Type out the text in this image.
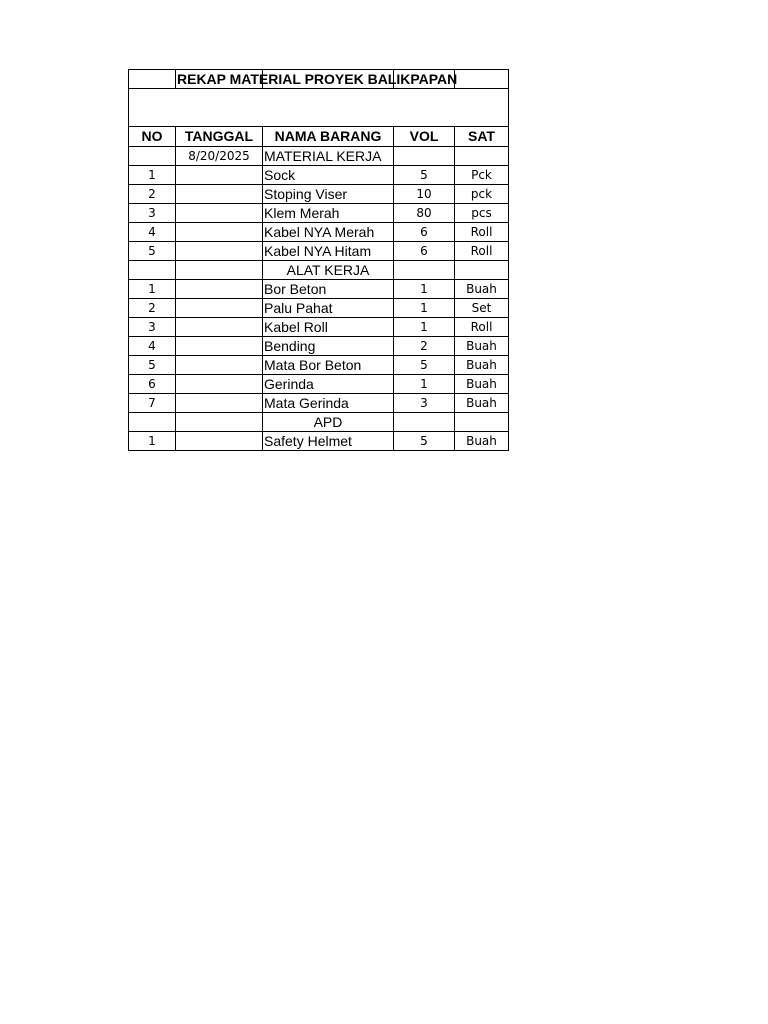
	REKAP MATERIAL PROYEK BALIKPAPAN			

NO	TANGGAL	NAMA BARANG	VOL	SAT
	8/20/2025	MATERIAL KERJA		
1		Sock	5	Pck
2		Stoping Viser	10	pck
3		Klem Merah	80	pcs
4		Kabel NYA Merah	6	Roll
5		Kabel NYA Hitam	6	Roll
		ALAT KERJA		
1		Bor Beton	1	Buah
2		Palu Pahat	1	Set
3		Kabel Roll	1	Roll
4		Bending	2	Buah
5		Mata Bor Beton	5	Buah
6		Gerinda	1	Buah
7		Mata Gerinda	3	Buah
		APD		
1		Safety Helmet	5	Buah
